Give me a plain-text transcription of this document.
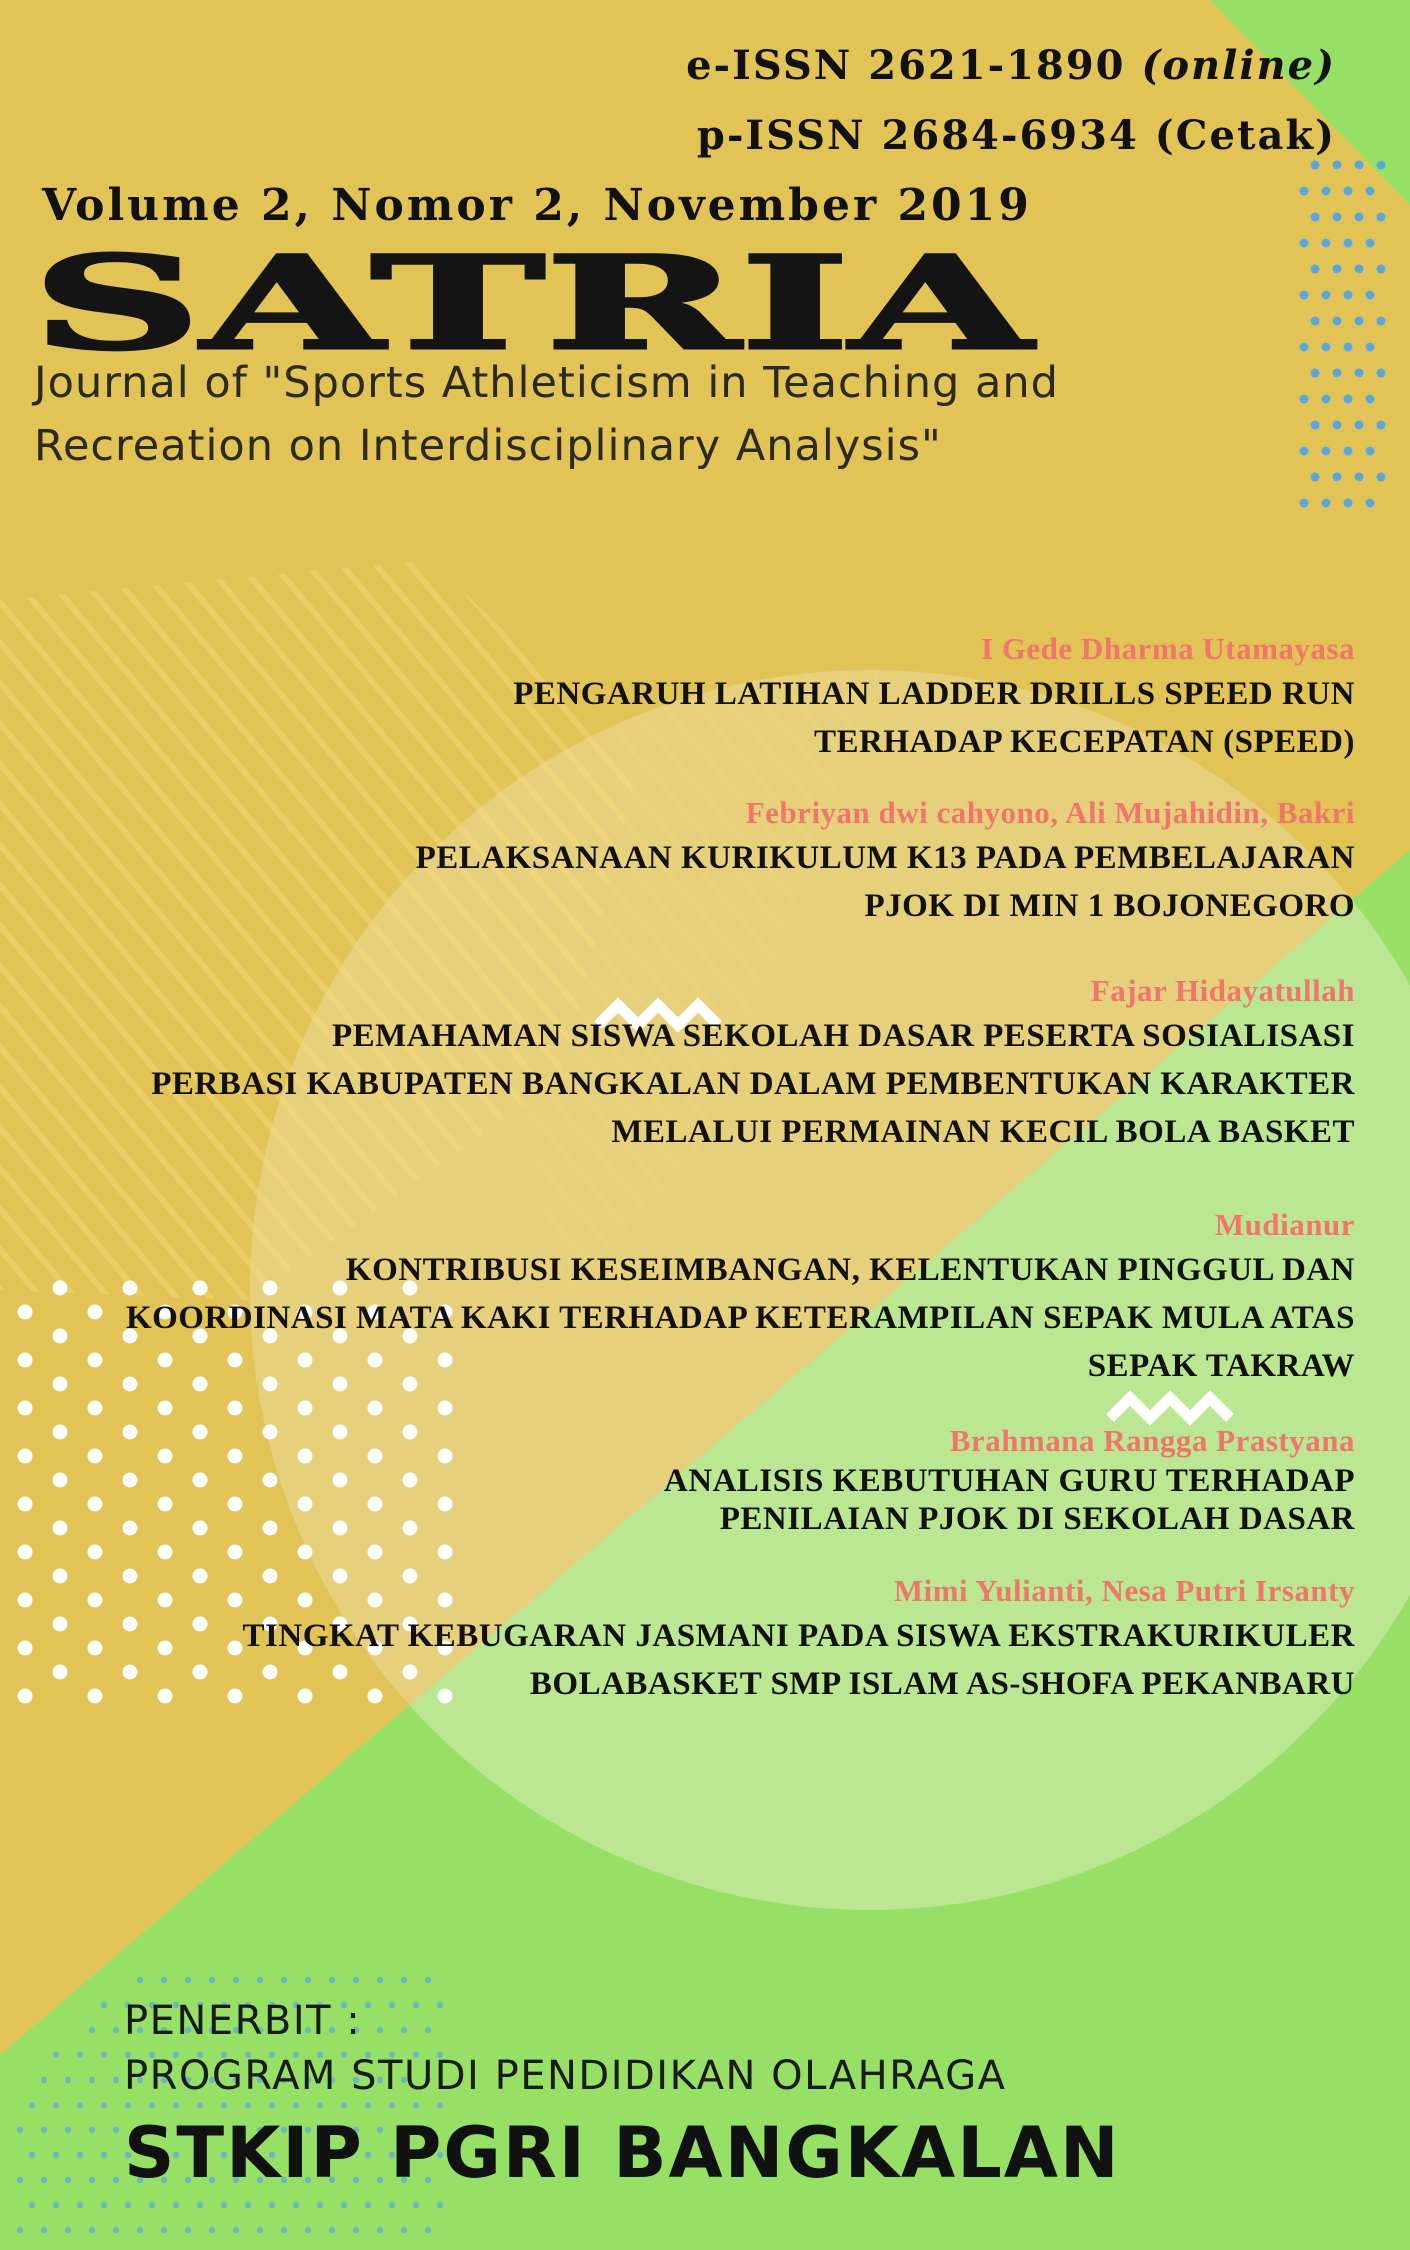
e-ISSN 2621-1890 (online)

p-ISSN 2684-6934 (Cetak)

Volume 2, Nomor 2, November 2019

SATRIA

Journal of "Sports Athleticism in Teaching and

Recreation on Interdisciplinary Analysis"

I Gede Dharma Utamayasa
PENGARUH LATIHAN LADDER DRILLS SPEED RUN
TERHADAP KECEPATAN (SPEED)
Febriyan dwi cahyono, Ali Mujahidin, Bakri
PELAKSANAAN KURIKULUM K13 PADA PEMBELAJARAN
PJOK DI MIN 1 BOJONEGORO
Fajar Hidayatullah
PEMAHAMAN SISWA SEKOLAH DASAR PESERTA SOSIALISASI
PERBASI KABUPATEN BANGKALAN DALAM PEMBENTUKAN KARAKTER
MELALUI PERMAINAN KECIL BOLA BASKET
Mudianur
KONTRIBUSI KESEIMBANGAN, KELENTUKAN PINGGUL DAN
KOORDINASI MATA KAKI TERHADAP KETERAMPILAN SEPAK MULA ATAS
SEPAK TAKRAW
Brahmana Rangga Prastyana
ANALISIS KEBUTUHAN GURU TERHADAP
PENILAIAN PJOK DI SEKOLAH DASAR
Mimi Yulianti, Nesa Putri Irsanty
TINGKAT KEBUGARAN JASMANI PADA SISWA EKSTRAKURIKULER
BOLABASKET SMP ISLAM AS-SHOFA PEKANBARU

PENERBIT :

PROGRAM STUDI PENDIDIKAN OLAHRAGA

STKIP PGRI BANGKALAN
